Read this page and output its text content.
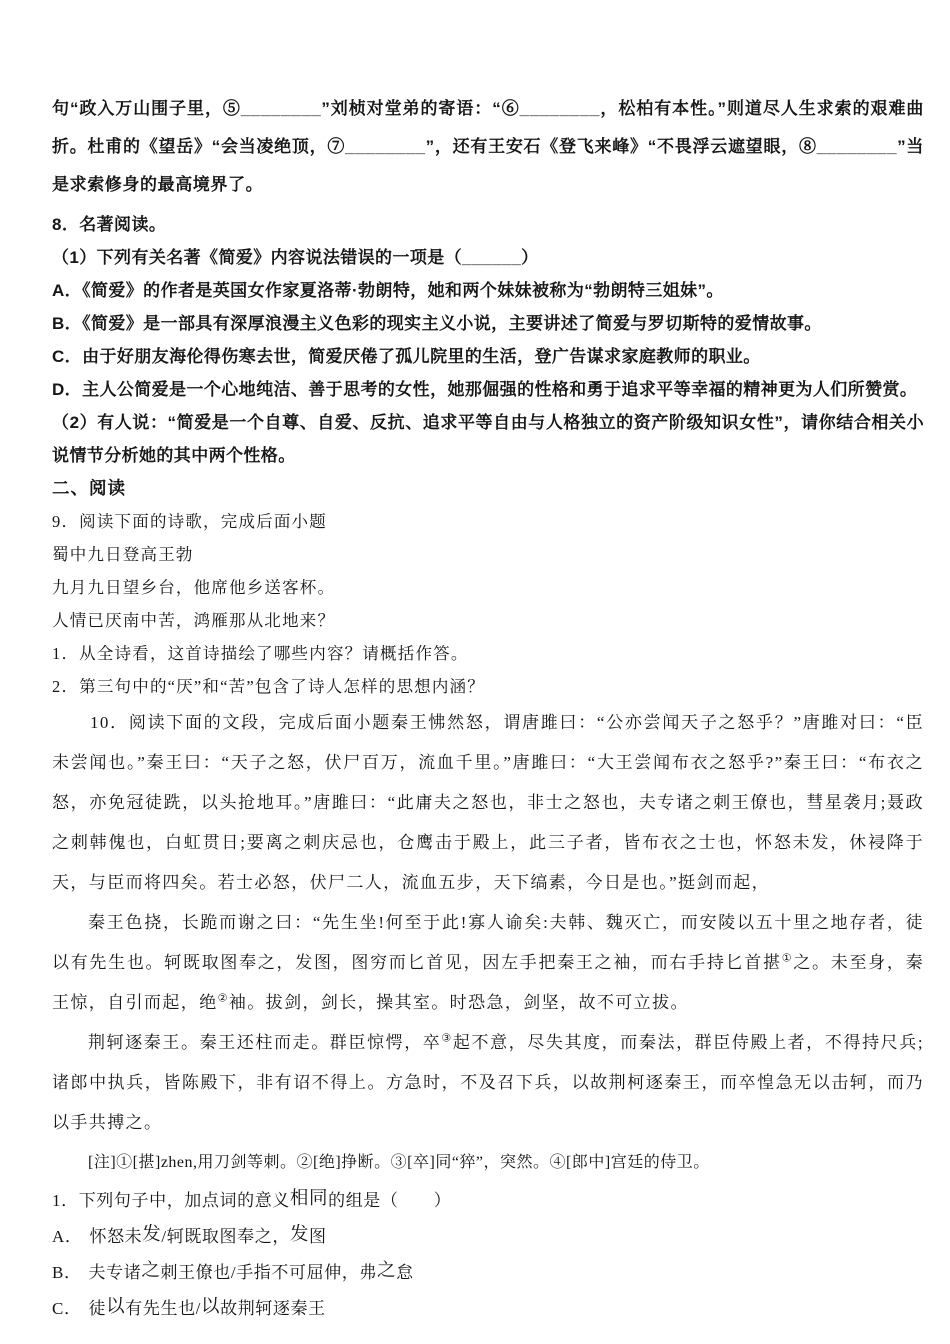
句“政入万山围子里，⑤________”刘桢对堂弟的寄语：“⑥________，松柏有本性。”则道尽人生求索的艰难曲折。杜甫的《望岳》“会当凌绝顶，⑦________”，还有王安石《登飞来峰》“不畏浮云遮望眼，⑧________”当是求索修身的最高境界了。

8．名著阅读。
（1）下列有关名著《简爱》内容说法错误的一项是（______）
A．《简爱》的作者是英国女作家夏洛蒂·勃朗特，她和两个妹妹被称为“勃朗特三姐妹”。
B．《简爱》是一部具有深厚浪漫主义色彩的现实主义小说，主要讲述了简爱与罗切斯特的爱情故事。
C．由于好朋友海伦得伤寒去世，简爱厌倦了孤儿院里的生活，登广告谋求家庭教师的职业。
D．主人公简爱是一个心地纯洁、善于思考的女性，她那倔强的性格和勇于追求平等幸福的精神更为人们所赞赏。
（2）有人说：“简爱是一个自尊、自爱、反抗、追求平等自由与人格独立的资产阶级知识女性”，请你结合相关小说情节分析她的其中两个性格。
二、阅读
9．阅读下面的诗歌，完成后面小题
蜀中九日登高王勃
九月九日望乡台，他席他乡送客杯。
人情已厌南中苦，鸿雁那从北地来？
1．从全诗看，这首诗描绘了哪些内容？请概括作答。
2．第三句中的“厌”和“苦”包含了诗人怎样的思想内涵？

10．阅读下面的文段，完成后面小题秦王怫然怒，谓唐雎曰：“公亦尝闻天子之怒乎？”唐雎对曰：“臣未尝闻也。”秦王曰：“天子之怒，伏尸百万，流血千里。”唐雎曰：“大王尝闻布衣之怒乎?”秦王曰：“布衣之怒，亦免冠徒跣，以头抢地耳。”唐雎曰：“此庸夫之怒也，非士之怒也，夫专诸之刺王僚也，彗星袭月;聂政之刺韩傀也，白虹贯日;要离之刺庆忌也，仓鹰击于殿上，此三子者，皆布衣之士也，怀怒未发，休祲降于天，与臣而将四矣。若士必怒，伏尸二人，流血五步，天下缟素，今日是也。”挺剑而起，

秦王色挠，长跪而谢之曰：“先生坐!何至于此!寡人谕矣:夫韩、魏灭亡，而安陵以五十里之地存者，徒以有先生也。轲既取图奉之，发图，图穷而匕首见，因左手把秦王之袖，而右手持匕首揕①之。未至身，秦王惊，自引而起，绝②袖。拔剑，剑长，操其室。时恐急，剑坚，故不可立拔。

荆轲逐秦王。秦王还柱而走。群臣惊愕，卒③起不意，尽失其度，而秦法，群臣侍殿上者，不得持尺兵;诸郎中执兵，皆陈殿下，非有诏不得上。方急时，不及召下兵，以故荆柯逐秦王，而卒惶急无以击轲，而乃以手共搏之。

[注]①[揕]zhen,用刀剑等刺。②[绝]挣断。③[卒]同“猝”，突然。④[郎中]宫廷的侍卫。

1．下列句子中，加点词的意义相同的组是（　　）
A． 怀怒未发/轲既取图奉之，发图
B． 夫专诸之刺王僚也/手指不可屈伸，弗之怠
C． 徒以有先生也/以故荆轲逐秦王
